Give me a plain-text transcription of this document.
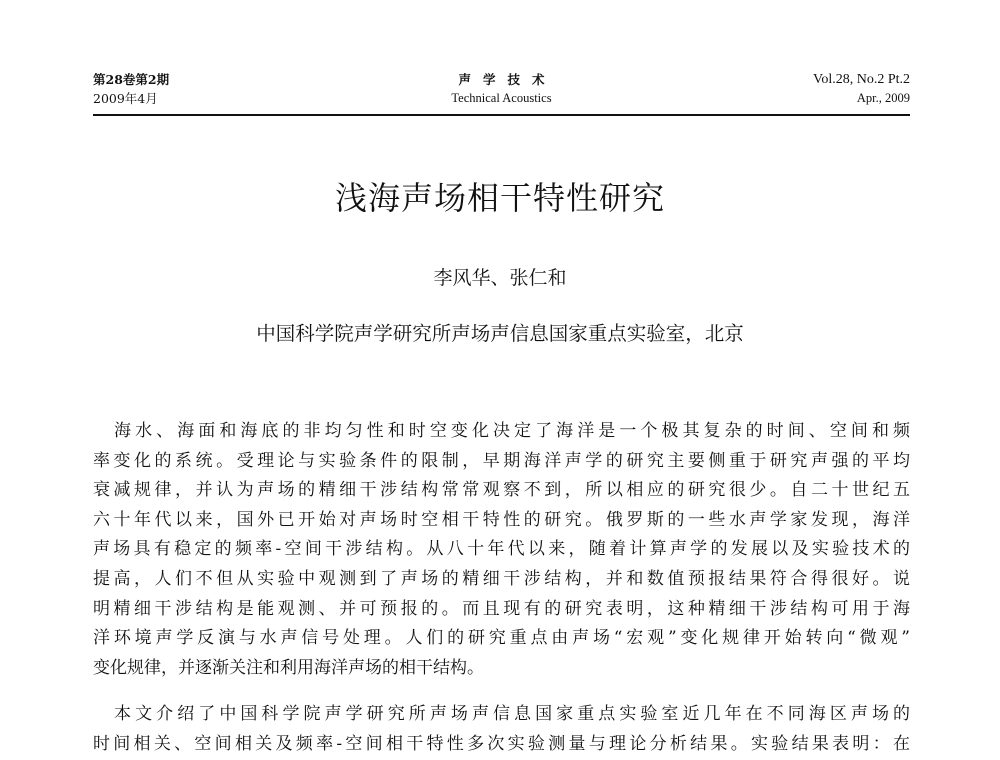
第28卷第2期
2009年4月
声学技术
Technical Acoustics
Vol.28, No.2 Pt.2
Apr., 2009
浅海声场相干特性研究
李风华、张仁和
中国科学院声学研究所声场声信息国家重点实验室，北京
　海水、海面和海底的非均匀性和时空变化决定了海洋是一个极其复杂的时间、空间和频
率变化的系统。受理论与实验条件的限制，早期海洋声学的研究主要侧重于研究声强的平均
衰减规律，并认为声场的精细干涉结构常常观察不到，所以相应的研究很少。自二十世纪五
六十年代以来，国外已开始对声场时空相干特性的研究。俄罗斯的一些水声学家发现，海洋
声场具有稳定的频率-空间干涉结构。从八十年代以来，随着计算声学的发展以及实验技术的
提高，人们不但从实验中观测到了声场的精细干涉结构，并和数值预报结果符合得很好。说
明精细干涉结构是能观测、并可预报的。而且现有的研究表明，这种精细干涉结构可用于海
洋环境声学反演与水声信号处理。人们的研究重点由声场“宏观”变化规律开始转向“微观”
变化规律，并逐渐关注和利用海洋声场的相干结构。
　本文介绍了中国科学院声学研究所声场声信息国家重点实验室近几年在不同海区声场的
时间相关、空间相关及频率-空间相干特性多次实验测量与理论分析结果。实验结果表明：在
